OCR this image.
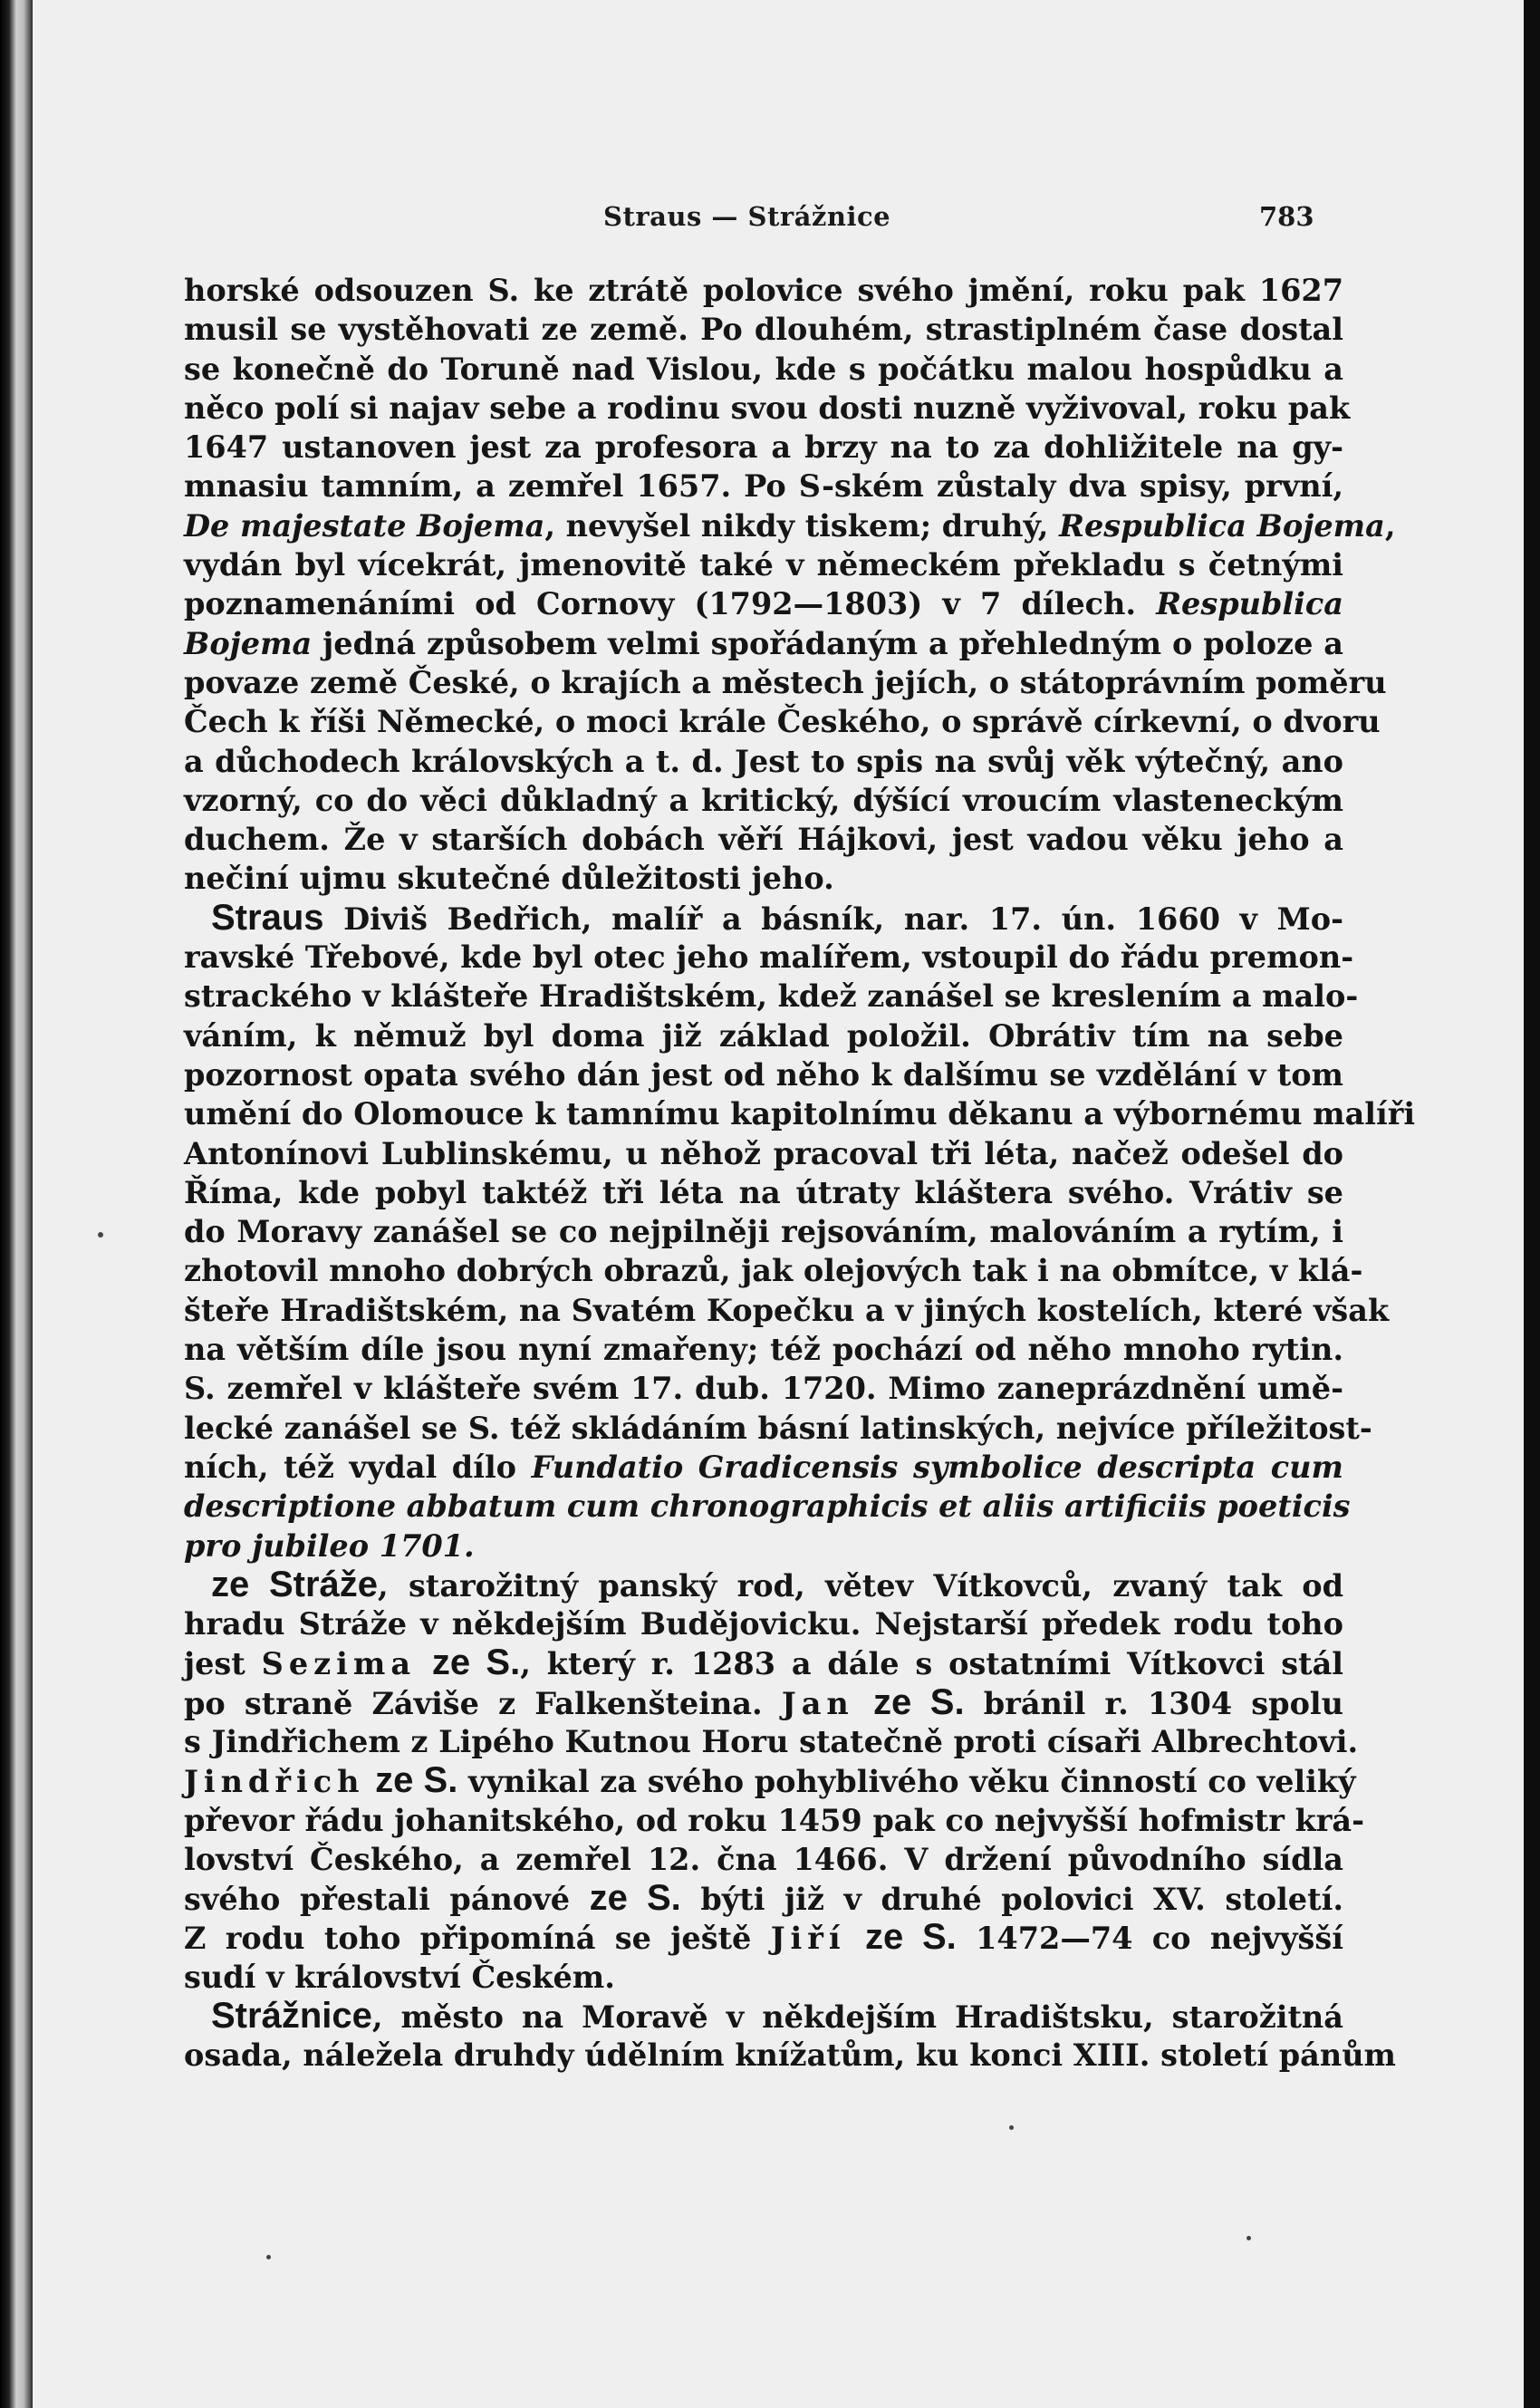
Straus — Strážnice	783
horské odsouzen S. ke ztrátě polovice svého jmění, roku pak 1627
musil se vystěhovati ze země. Po dlouhém, strastiplném čase dostal
se konečně do Toruně nad Vislou, kde s počátku malou hospůdku a
něco polí si najav sebe a rodinu svou dosti nuzně vyživoval, roku pak
1647 ustanoven jest za profesora a brzy na to za dohližitele na gy-
mnasiu tamním, a zemřel 1657. Po S-ském zůstaly dva spisy, první,
De majestate Bojema, nevyšel nikdy tiskem; druhý, Respublica Bojema,
vydán byl vícekrát, jmenovitě také v německém překladu s četnými
poznamenáními od Cornovy (1792—1803) v 7 dílech. Respublica
Bojema jedná způsobem velmi spořádaným a přehledným o poloze a
povaze země České, o krajích a městech jejích, o státoprávním poměru
Čech k říši Německé, o moci krále Českého, o správě církevní, o dvoru
a důchodech královských a t. d. Jest to spis na svůj věk výtečný, ano
vzorný, co do věci důkladný a kritický, dýšící vroucím vlasteneckým
duchem. Že v starších dobách věří Hájkovi, jest vadou věku jeho a
nečiní ujmu skutečné důležitosti jeho.
Straus Diviš Bedřich, malíř a básník, nar. 17. ún. 1660 v Mo-
ravské Třebové, kde byl otec jeho malířem, vstoupil do řádu premon-
strackého v klášteře Hradištském, kdež zanášel se kreslením a malo-
váním, k němuž byl doma již základ položil. Obrátiv tím na sebe
pozornost opata svého dán jest od něho k dalšímu se vzdělání v tom
umění do Olomouce k tamnímu kapitolnímu děkanu a výbornému malíři
Antonínovi Lublinskému, u něhož pracoval tři léta, načež odešel do
Říma, kde pobyl taktéž tři léta na útraty kláštera svého. Vrátiv se
do Moravy zanášel se co nejpilněji rejsováním, malováním a rytím, i
zhotovil mnoho dobrých obrazů, jak olejových tak i na obmítce, v klá-
šteře Hradištském, na Svatém Kopečku a v jiných kostelích, které však
na větším díle jsou nyní zmařeny; též pochází od něho mnoho rytin.
S. zemřel v klášteře svém 17. dub. 1720. Mimo zaneprázdnění umě-
lecké zanášel se S. též skládáním básní latinských, nejvíce příležitost-
ních, též vydal dílo Fundatio Gradicensis symbolice descripta cum
descriptione abbatum cum chronographicis et aliis artificiis poeticis
pro jubileo 1701.
ze Stráže, starožitný panský rod, větev Vítkovců, zvaný tak od
hradu Stráže v někdejším Budějovicku. Nejstarší předek rodu toho
jest Sezima ze S., který r. 1283 a dále s ostatními Vítkovci stál
po straně Záviše z Falkenšteina. Jan ze S. bránil r. 1304 spolu
s Jindřichem z Lipého Kutnou Horu statečně proti císaři Albrechtovi.
Jindřich ze S. vynikal za svého pohyblivého věku činností co veliký
převor řádu johanitského, od roku 1459 pak co nejvyšší hofmistr krá-
lovství Českého, a zemřel 12. čna 1466. V držení původního sídla
svého přestali pánové ze S. býti již v druhé polovici XV. století.
Z rodu toho připomíná se ještě Jiří ze S. 1472—74 co nejvyšší
sudí v království Českém.
Strážnice, město na Moravě v někdejším Hradištsku, starožitná
osada, náležela druhdy údělním knížatům, ku konci XIII. století pánům
